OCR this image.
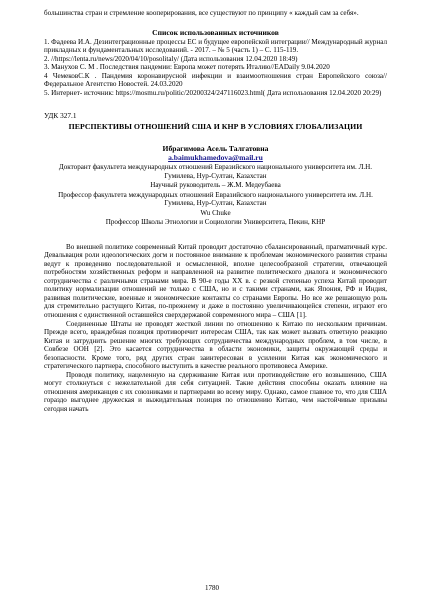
большинства стран и стремление кооперирования, все существуют по принципу « каждый сам за себя».

Список использованных источников

1. Фадеева И.А. Дезинтеграционные процессы ЕС и будущее европейской интеграции// Международный журнал прикладных и фундаментальных исследований. - 2017. – № 5 (часть 1) – С. 115-119.

2. //https://lenta.ru/news/2020/04/10/posolitaly/ (Дата использования 12.04.2020 18:49)

3. Манухов С. М . Последствия пандемии: Европа может потерять Италию//EADaily 9.04.2020

4 ЧемековС.К . Пандемия коронавирусной инфекции и взаимоотношения стран Европейского союза// Федеральное Агентство Новостей. 24.03.2020

5. Интернет- источник: https://mosmu.ru/politic/20200324/247116023.html( Дата использования 12.04.2020 20:29)

УДК 327.1

ПЕРСПЕКТИВЫ ОТНОШЕНИЙ США И КНР В УСЛОВИЯХ ГЛОБАЛИЗАЦИИ

Ибрагимова Асель Талгатовна

a.baimukhamedova@mail.ru

Докторант факультета международных отношений Евразийского национального университета им. Л.Н. Гумилева, Нур-Султан, Казахстан

Научный руководитель – Ж.М. Медеубаева

Профессор факультета международных отношений Евразийского национального университета им. Л.Н. Гумилева, Нур-Султан, Казахстан

Wu Chuke

Профессор Школы Этнологии и Социологии Университета, Пекин, КНР

Во внешней политике современный Китай проводит достаточно сбалансированный, прагматичный курс. Девальвация роли идеологических догм и постоянное внимание к проблемам экономического развития страны ведут к проведению последовательной и осмысленной, вполне целесообразной стратегии, отвечающей потребностям хозяйственных реформ и направленной на развитие политического диалога и экономического сотрудничества с различными странами мира. В 90-е годы ХХ в. с резкой степенью успеха Китай проводит политику нормализации отношений не только с США, но и с такими странами, как Япония, РФ и Индия, развивая политические, военные и экономические контакты со странами Европы. Но все же решающую роль для стремительно растущего Китая, по-прежнему и даже в постоянно увеличивающейся степени, играют его отношения с единственной оставшейся сверхдержавой современного мира – США [1].

Соединенные Штаты не проводят жесткой линии по отношению к Китаю по нескольким причинам. Прежде всего, враждебная позиция противоречит интересам США, так как может вызвать ответную реакцию Китая и затруднить решение многих требующих сотрудничества международных проблем, в том числе, в Совбезе ООН [2]. Это касается сотрудничества в области экономики, защиты окружающей среды и безопасности. Кроме того, ряд других стран заинтересован в усилении Китая как экономического и стратегического партнера, способного выступить в качестве реального противовеса Америке.

Проводя политику, нацеленную на сдерживание Китая или противодействие его возвышению, США могут столкнуться с нежелательной для себя ситуацией. Такие действия способны оказать влияние на отношения американцев с их союзниками и партнерами во всему миру. Однако, самое главное то, что для США гораздо выгоднее дружеская и выжидательная позиция по отношению Китаю, чем настойчивые призывы сегодня начать

1780
